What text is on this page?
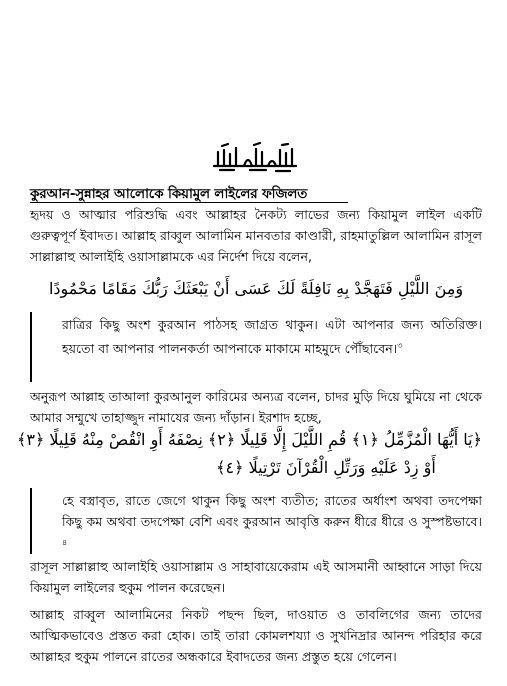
কুরআন-সুন্নাহর আলোকে কিয়ামুল লাইলের ফজিলত
হৃদয় ও আত্মার পরিশুদ্ধি এবং আল্লাহর নৈকট্য লাভের জন্য কিয়ামুল লাইল একটি গুরুত্বপূর্ণ ইবাদত। আল্লাহ রাব্বুল আলামিন মানবতার কাণ্ডারী, রাহমাতুল্লিল আলামিন রাসূল সাল্লাল্লাহু আলাইহি ওয়াসাল্লামকে এর নির্দেশ দিয়ে বলেন,
وَمِنَ اللَّيْلِ فَتَهَجَّدْ بِهِ نَافِلَةً لَكَ عَسَى أَنْ يَبْعَثَكَ رَبُّكَ مَقَامًا مَحْمُودًا
রাত্রির কিছু অংশ কুরআন পাঠসহ জাগ্রত থাকুন। এটা আপনার জন্য অতিরিক্ত। হয়তো বা আপনার পালনকর্তা আপনাকে মাকামে মাহমুদে পৌঁছাবেন।$^৩$
অনুরূপ আল্লাহ তাআলা কুরআনুল কারিমের অন্যত্র বলেন, চাদর মুড়ি দিয়ে ঘুমিয়ে না থেকে আমার সম্মুখে তাহাজ্জুদ নামাযের জন্য দাঁড়ান। ইরশাদ হচ্ছে,
﴿يَا أَيُّهَا الْمُزَّمِّلُ ﴿١﴾ قُمِ اللَّيْلَ إِلَّا قَلِيلًا ﴿٢﴾ نِصْفَهُ أَوِ انْقُصْ مِنْهُ قَلِيلًا ﴿٣﴾
أَوْ زِدْ عَلَيْهِ وَرَتِّلِ الْقُرْآنَ تَرْتِيلًا ﴿٤﴾
হে বস্ত্রাবৃত, রাতে জেগে থাকুন কিছু অংশ ব্যতীত; রাতের অর্ধাংশ অথবা তদপেক্ষা কিছু কম অথবা তদপেক্ষা বেশি এবং কুরআন আবৃত্তি করুন ধীরে ধীরে ও সুস্পষ্টভাবে।$^৪$
রাসূল সাল্লাল্লাহু আলাইহি ওয়াসাল্লাম ও সাহাবায়েকেরাম এই আসমানী আহ্বানে সাড়া দিয়ে কিয়ামুল লাইলের হুকুম পালন করেছেন।
আল্লাহ রাব্বুল আলামিনের নিকট পছন্দ ছিল, দাওয়াত ও তাবলিগের জন্য তাদের আত্মিকভাবেও প্রস্তত করা হোক। তাই তারা কোমলশয্যা ও সুখনিদ্রার আনন্দ পরিহার করে আল্লাহর হুকুম পালনে রাতের অন্ধকারে ইবাদতের জন্য প্রস্তুত হয়ে গেলেন।
